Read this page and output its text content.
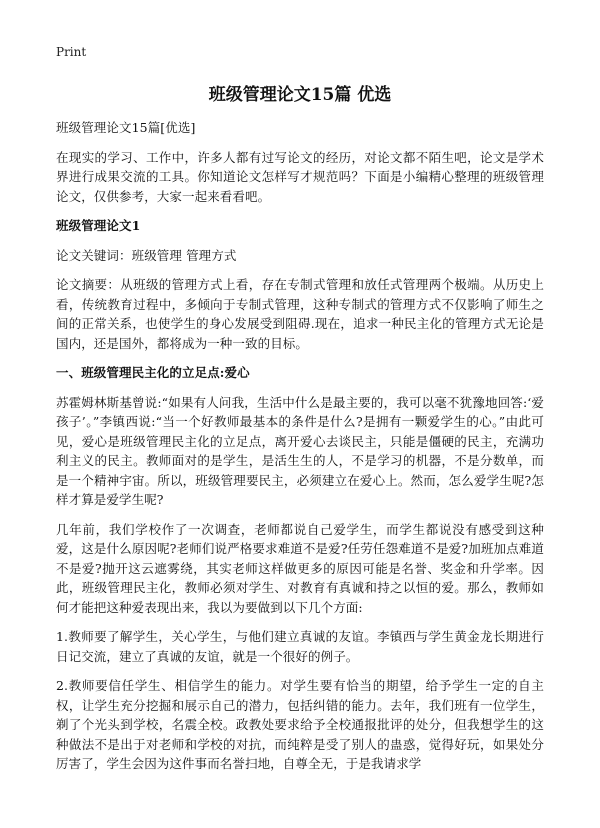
Print
班级管理论文15篇 优选

班级管理论文15篇[优选]

在现实的学习、工作中，许多人都有过写论文的经历，对论文都不陌生吧，论文是学术界进行成果交流的工具。你知道论文怎样写才规范吗？下面是小编精心整理的班级管理论文，仅供参考，大家一起来看看吧。

班级管理论文1

论文关键词：班级管理 管理方式

论文摘要：从班级的管理方式上看，存在专制式管理和放任式管理两个极端。从历史上看，传统教育过程中，多倾向于专制式管理，这种专制式的管理方式不仅影响了师生之间的正常关系，也使学生的身心发展受到阻碍.现在，追求一种民主化的管理方式无论是国内，还是国外，都将成为一种一致的目标。

一、班级管理民主化的立足点:爱心

苏霍姆林斯基曾说:“如果有人问我，生活中什么是最主要的，我可以毫不犹豫地回答:‘爱孩子’。”李镇西说:“当一个好教师最基本的条件是什么?是拥有一颗爱学生的心。”由此可见，爱心是班级管理民主化的立足点，离开爱心去谈民主，只能是僵硬的民主，充满功利主义的民主。教师面对的是学生，是活生生的人，不是学习的机器，不是分数单，而是一个精神宇宙。所以，班级管理要民主，必须建立在爱心上。然而，怎么爱学生呢?怎样才算是爱学生呢?

几年前，我们学校作了一次调查，老师都说自己爱学生，而学生都说没有感受到这种爱，这是什么原因呢?老师们说严格要求难道不是爱?任劳任怨难道不是爱?加班加点难道不是爱?抛开这云遮雾绕，其实老师这样做更多的原因可能是名誉、奖金和升学率。因此，班级管理民主化，教师必须对学生、对教育有真诚和持之以恒的爱。那么，教师如何才能把这种爱表现出来，我以为要做到以下几个方面:

1.教师要了解学生，关心学生，与他们建立真诚的友谊。李镇西与学生黄金龙长期进行日记交流，建立了真诚的友谊，就是一个很好的例子。

2.教师要信任学生、相信学生的能力。对学生要有恰当的期望，给予学生一定的自主权，让学生充分挖掘和展示自己的潜力，包括纠错的能力。去年，我们班有一位学生，剃了个光头到学校，名震全校。政教处要求给予全校通报批评的处分，但我想学生的这种做法不是出于对老师和学校的对抗，而纯粹是受了别人的蛊惑，觉得好玩，如果处分厉害了，学生会因为这件事而名誉扫地，自尊全无，于是我请求学
